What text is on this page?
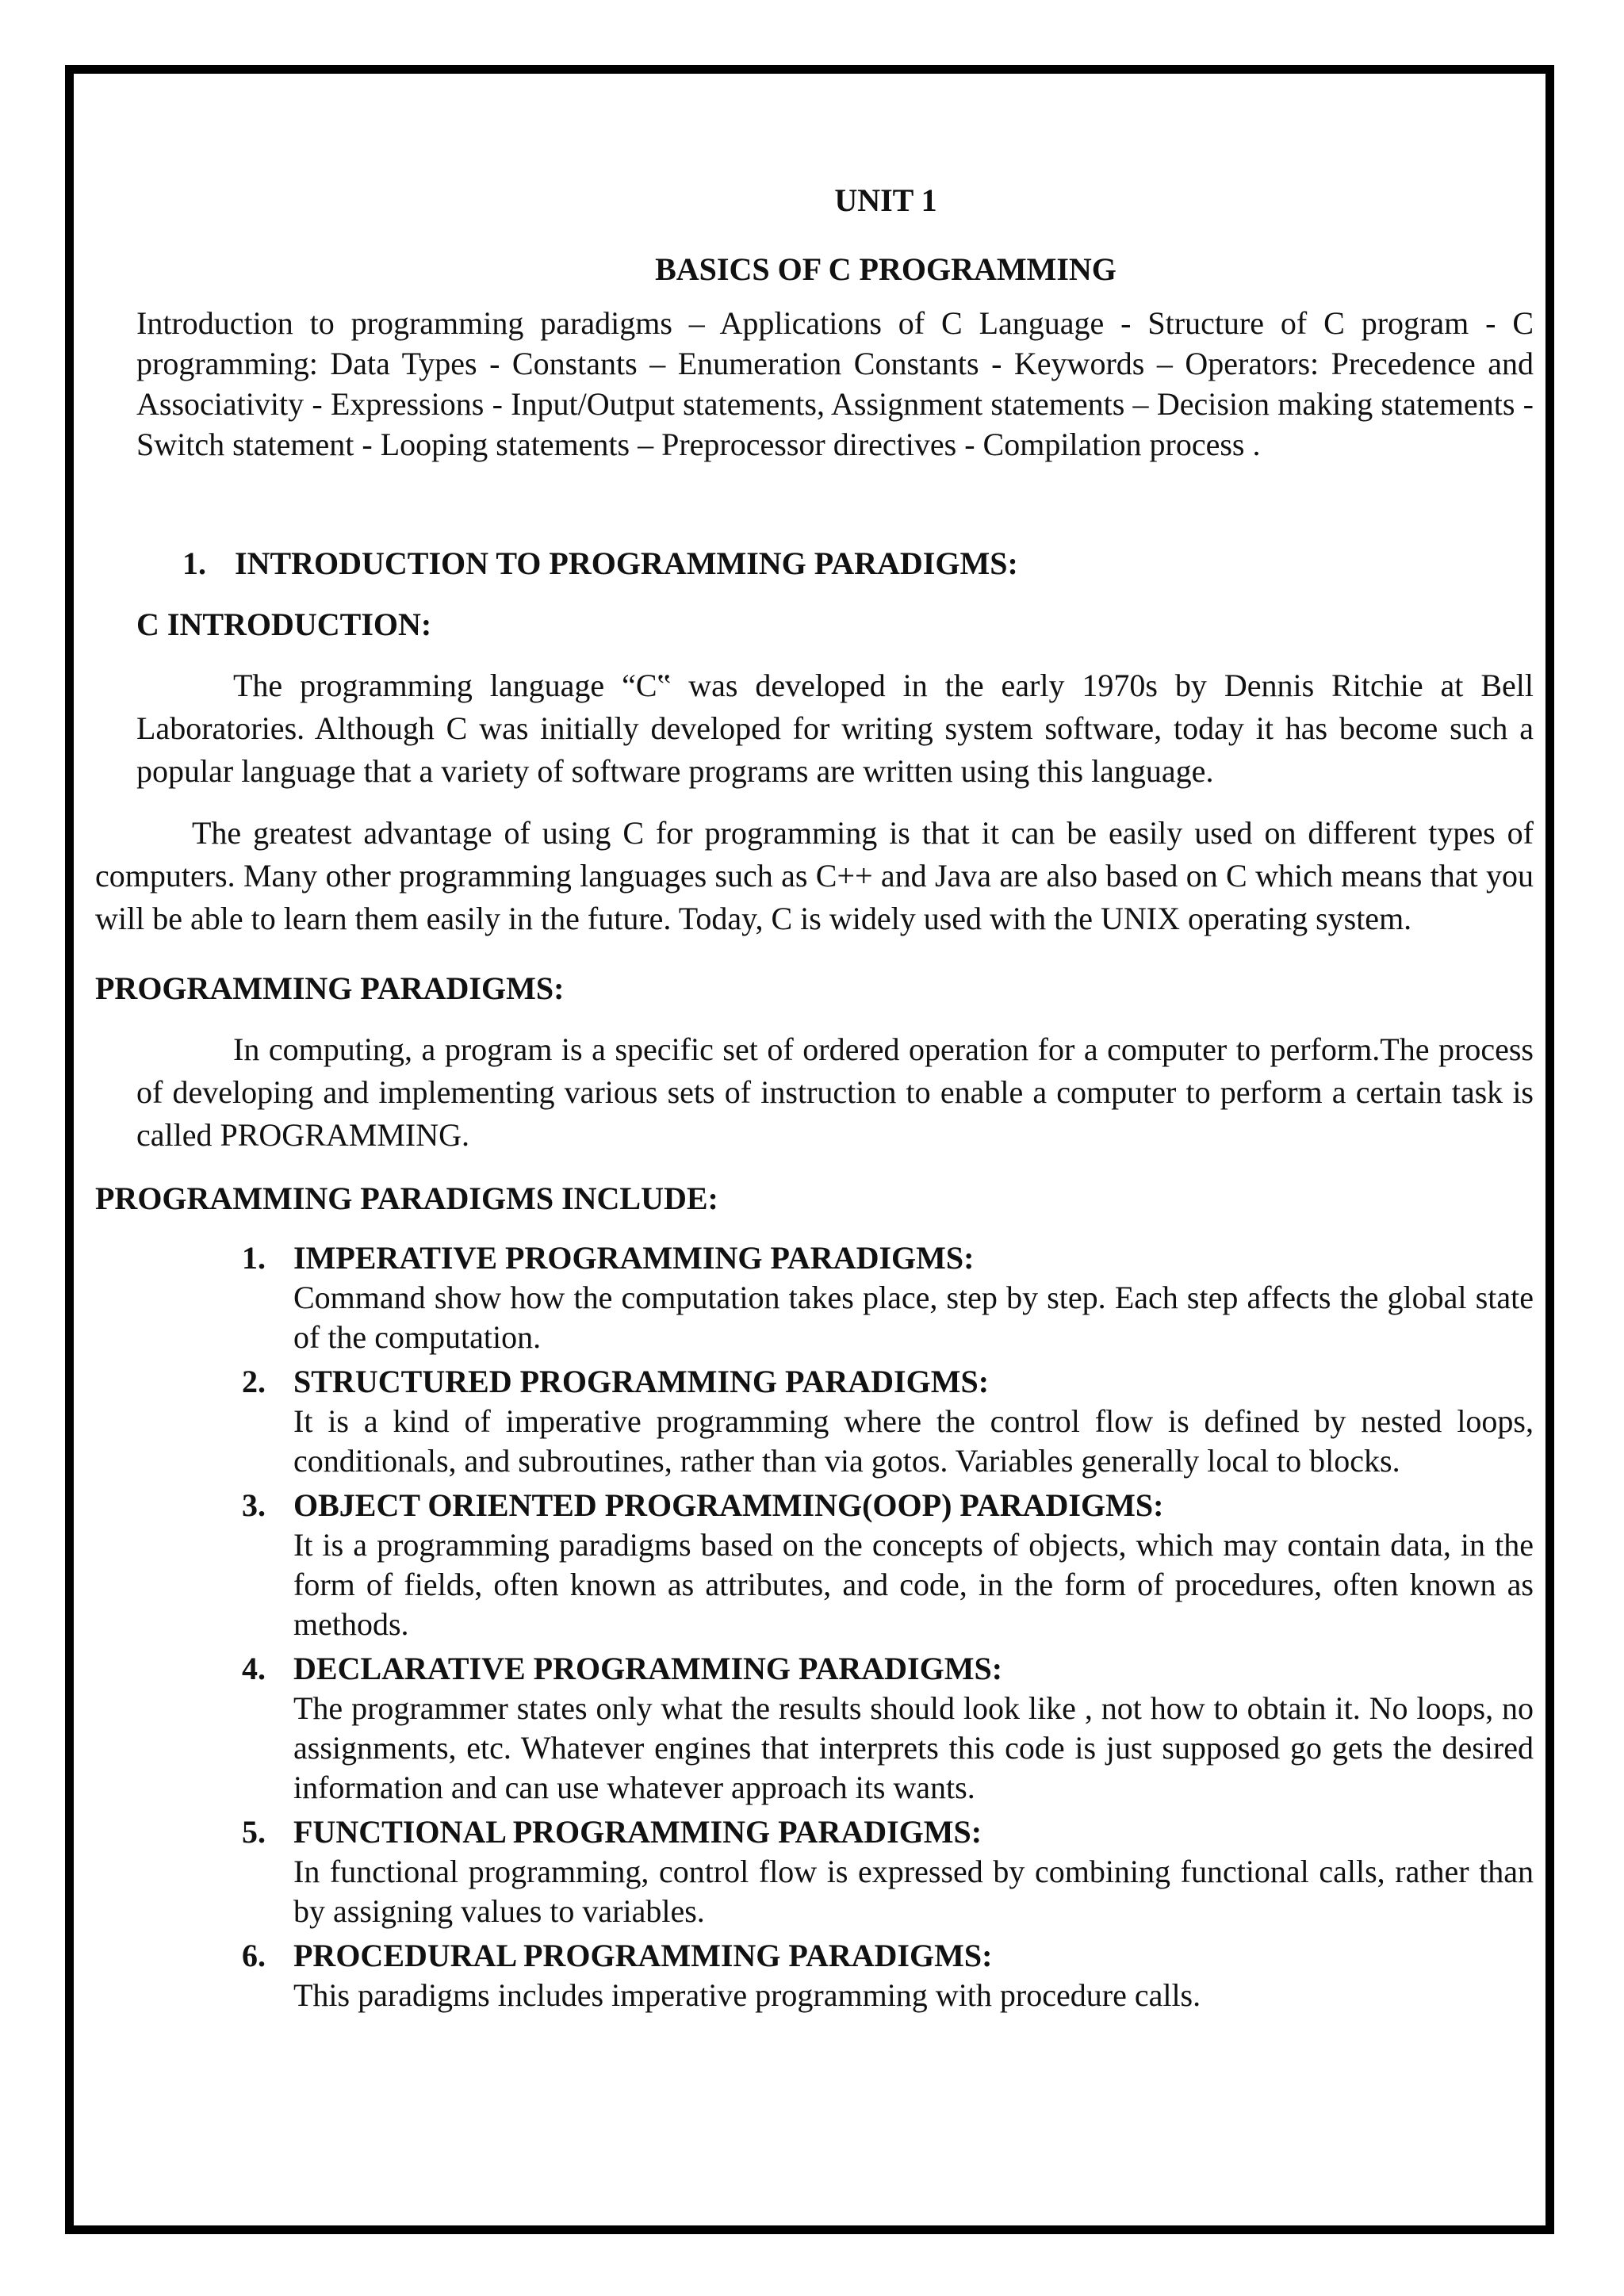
UNIT 1

BASICS OF C PROGRAMMING

Introduction to programming paradigms – Applications of C Language - Structure of C program - C programming: Data Types - Constants – Enumeration Constants - Keywords – Operators: Precedence and Associativity - Expressions - Input/Output statements, Assignment statements – Decision making statements - Switch statement - Looping statements – Preprocessor directives - Compilation process .

1. INTRODUCTION TO PROGRAMMING PARADIGMS:

C INTRODUCTION:

The programming language “C‟ was developed in the early 1970s by Dennis Ritchie at Bell Laboratories. Although C was initially developed for writing system software, today it has become such a popular language that a variety of software programs are written using this language.

The greatest advantage of using C for programming is that it can be easily used on different types of computers. Many other programming languages such as C++ and Java are also based on C which means that you will be able to learn them easily in the future. Today, C is widely used with the UNIX operating system.

PROGRAMMING PARADIGMS:

In computing, a program is a specific set of ordered operation for a computer to perform.The process of developing and implementing various sets of instruction to enable a computer to perform a certain task is called PROGRAMMING.

PROGRAMMING PARADIGMS INCLUDE:

1. IMPERATIVE PROGRAMMING PARADIGMS:
Command show how the computation takes place, step by step. Each step affects the global state of the computation.
2. STRUCTURED PROGRAMMING PARADIGMS:
It is a kind of imperative programming where the control flow is defined by nested loops, conditionals, and subroutines, rather than via gotos. Variables generally local to blocks.
3. OBJECT ORIENTED PROGRAMMING(OOP) PARADIGMS:
It is a programming paradigms based on the concepts of objects, which may contain data, in the form of fields, often known as attributes, and code, in the form of procedures, often known as methods.
4. DECLARATIVE PROGRAMMING PARADIGMS:
The programmer states only what the results should look like , not how to obtain it. No loops, no assignments, etc. Whatever engines that interprets this code is just supposed go gets the desired information and can use whatever approach its wants.
5. FUNCTIONAL PROGRAMMING PARADIGMS:
In functional programming, control flow is expressed by combining functional calls, rather than by assigning values to variables.
6. PROCEDURAL PROGRAMMING PARADIGMS:
This paradigms includes imperative programming with procedure calls.
